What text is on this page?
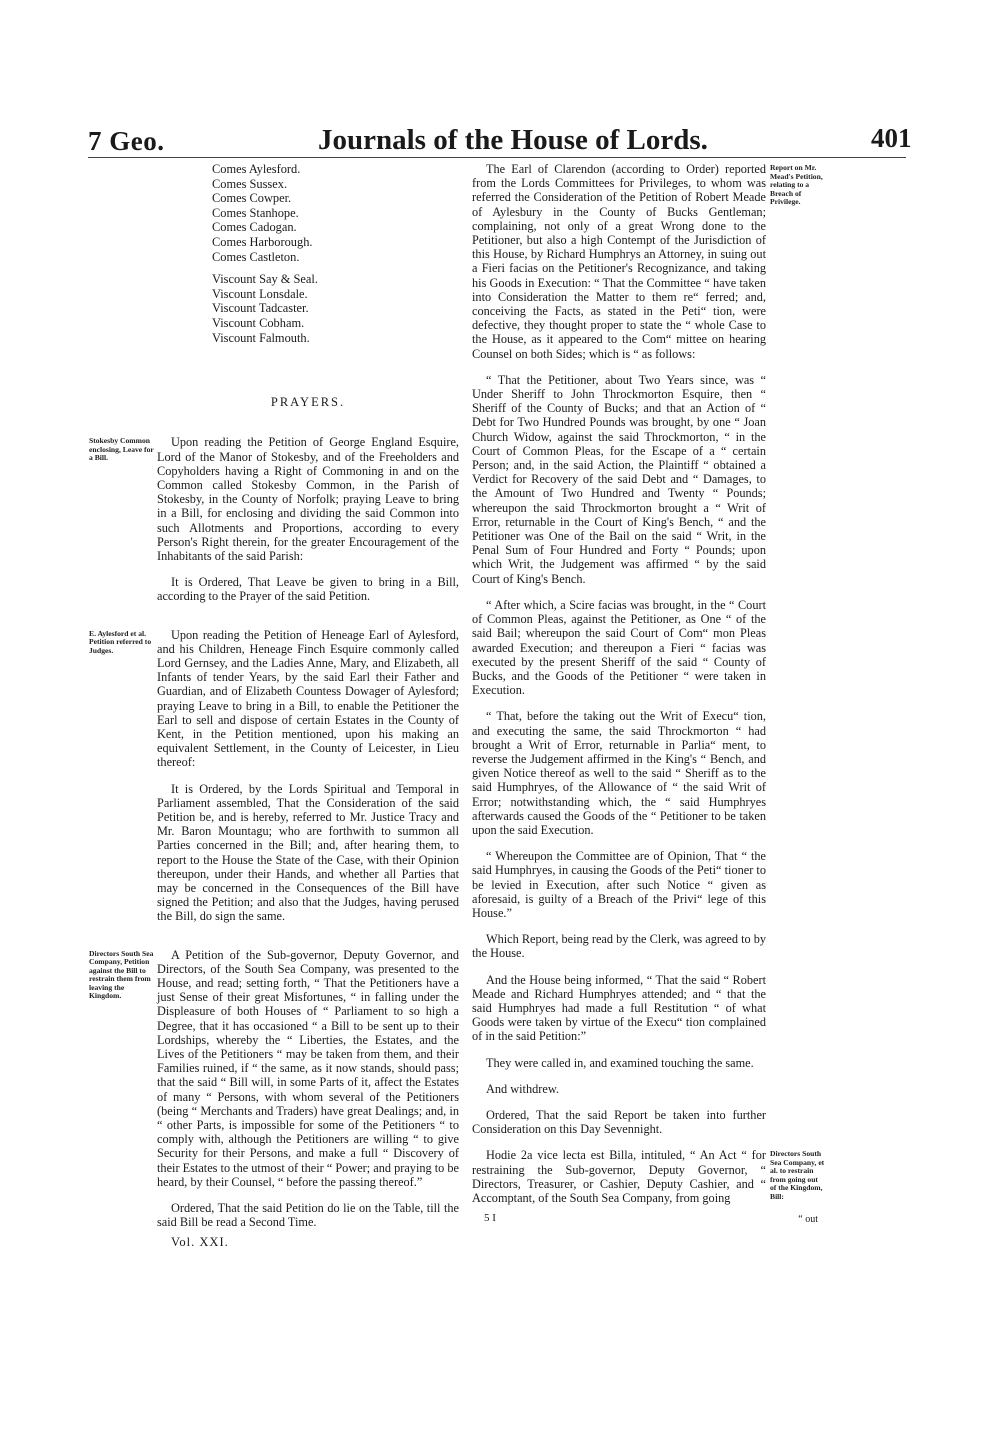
7 Geo.	Journals of the House of Lords.	401
Comes Aylesford.
Comes Sussex.
Comes Cowper.
Comes Stanhope.
Comes Cadogan.
Comes Harborough.
Comes Castleton.
Viscount Say & Seal.
Viscount Lonsdale.
Viscount Tadcaster.
Viscount Cobham.
Viscount Falmouth.
PRAYERS.
Stokesby Common enclosing, Leave for a Bill.

Upon reading the Petition of George England Esquire, Lord of the Manor of Stokesby, and of the Freeholders and Copyholders having a Right of Commoning in and on the Common called Stokesby Common, in the Parish of Stokesby, in the County of Norfolk; praying Leave to bring in a Bill, for enclosing and dividing the said Common into such Allotments and Proportions, according to every Person's Right therein, for the greater Encouragement of the Inhabitants of the said Parish:

It is Ordered, That Leave be given to bring in a Bill, according to the Prayer of the said Petition.

E. Aylesford et al. Petition referred to Judges.

Upon reading the Petition of Heneage Earl of Aylesford, and his Children, Heneage Finch Esquire commonly called Lord Gernsey, and the Ladies Anne, Mary, and Elizabeth, all Infants of tender Years, by the said Earl their Father and Guardian, and of Elizabeth Countess Dowager of Aylesford; praying Leave to bring in a Bill, to enable the Petitioner the Earl to sell and dispose of certain Estates in the County of Kent, in the Petition mentioned, upon his making an equivalent Settlement, in the County of Leicester, in Lieu thereof:

It is Ordered, by the Lords Spiritual and Temporal in Parliament assembled, That the Consideration of the said Petition be, and is hereby, referred to Mr. Justice Tracy and Mr. Baron Mountagu; who are forthwith to summon all Parties concerned in the Bill; and, after hearing them, to report to the House the State of the Case, with their Opinion thereupon, under their Hands, and whether all Parties that may be concerned in the Consequences of the Bill have signed the Petition; and also that the Judges, having perused the Bill, do sign the same.

Directors South Sea Company, Petition against the Bill to restrain them from leaving the Kingdom.

A Petition of the Sub-governor, Deputy Governor, and Directors, of the South Sea Company, was presented to the House, and read; setting forth, “ That the Petitioners have a just Sense of their great Misfortunes, “ in falling under the Displeasure of both Houses of “ Parliament to so high a Degree, that it has occasioned “ a Bill to be sent up to their Lordships, whereby the “ Liberties, the Estates, and the Lives of the Petitioners “ may be taken from them, and their Families ruined, if “ the same, as it now stands, should pass; that the said “ Bill will, in some Parts of it, affect the Estates of many “ Persons, with whom several of the Petitioners (being “ Merchants and Traders) have great Dealings; and, in “ other Parts, is impossible for some of the Petitioners “ to comply with, although the Petitioners are willing “ to give Security for their Persons, and make a full “ Discovery of their Estates to the utmost of their “ Power; and praying to be heard, by their Counsel, “ before the passing thereof.”

Ordered, That the said Petition do lie on the Table, till the said Bill be read a Second Time.

Vol. XXI.
Report on Mr. Mead's Petition, relating to a Breach of Privilege.

The Earl of Clarendon (according to Order) reported from the Lords Committees for Privileges, to whom was referred the Consideration of the Petition of Robert Meade of Aylesbury in the County of Bucks Gentleman; complaining, not only of a great Wrong done to the Petitioner, but also a high Contempt of the Jurisdiction of this House, by Richard Humphrys an Attorney, in suing out a Fieri facias on the Petitioner's Recognizance, and taking his Goods in Execution: “ That the Committee “ have taken into Consideration the Matter to them re“ ferred; and, conceiving the Facts, as stated in the Peti“ tion, were defective, they thought proper to state the “ whole Case to the House, as it appeared to the Com“ mittee on hearing Counsel on both Sides; which is “ as follows:

“ That the Petitioner, about Two Years since, was “ Under Sheriff to John Throckmorton Esquire, then “ Sheriff of the County of Bucks; and that an Action of “ Debt for Two Hundred Pounds was brought, by one “ Joan Church Widow, against the said Throckmorton, “ in the Court of Common Pleas, for the Escape of a “ certain Person; and, in the said Action, the Plaintiff “ obtained a Verdict for Recovery of the said Debt and “ Damages, to the Amount of Two Hundred and Twenty “ Pounds; whereupon the said Throckmorton brought a “ Writ of Error, returnable in the Court of King's Bench, “ and the Petitioner was One of the Bail on the said “ Writ, in the Penal Sum of Four Hundred and Forty “ Pounds; upon which Writ, the Judgement was affirmed “ by the said Court of King's Bench.

“ After which, a Scire facias was brought, in the “ Court of Common Pleas, against the Petitioner, as One “ of the said Bail; whereupon the said Court of Com“ mon Pleas awarded Execution; and thereupon a Fieri “ facias was executed by the present Sheriff of the said “ County of Bucks, and the Goods of the Petitioner “ were taken in Execution.

“ That, before the taking out the Writ of Execu“ tion, and executing the same, the said Throckmorton “ had brought a Writ of Error, returnable in Parlia“ ment, to reverse the Judgement affirmed in the King's “ Bench, and given Notice thereof as well to the said “ Sheriff as to the said Humphryes, of the Allowance of “ the said Writ of Error; notwithstanding which, the “ said Humphryes afterwards caused the Goods of the “ Petitioner to be taken upon the said Execution.

“ Whereupon the Committee are of Opinion, That “ the said Humphryes, in causing the Goods of the Peti“ tioner to be levied in Execution, after such Notice “ given as aforesaid, is guilty of a Breach of the Privi“ lege of this House.”

Which Report, being read by the Clerk, was agreed to by the House.

And the House being informed, “ That the said “ Robert Meade and Richard Humphryes attended; and “ that the said Humphryes had made a full Restitution “ of what Goods were taken by virtue of the Execu“ tion complained of in the said Petition:”

They were called in, and examined touching the same.

And withdrew.

Ordered, That the said Report be taken into further Consideration on this Day Sevennight.

Directors South Sea Company, et al. to restrain from going out of the Kingdom, Bill:

Hodie 2a vice lecta est Billa, intituled, “ An Act “ for restraining the Sub-governor, Deputy Governor, “ Directors, Treasurer, or Cashier, Deputy Cashier, and “ Accomptant, of the South Sea Company, from going

5 I	“ out
